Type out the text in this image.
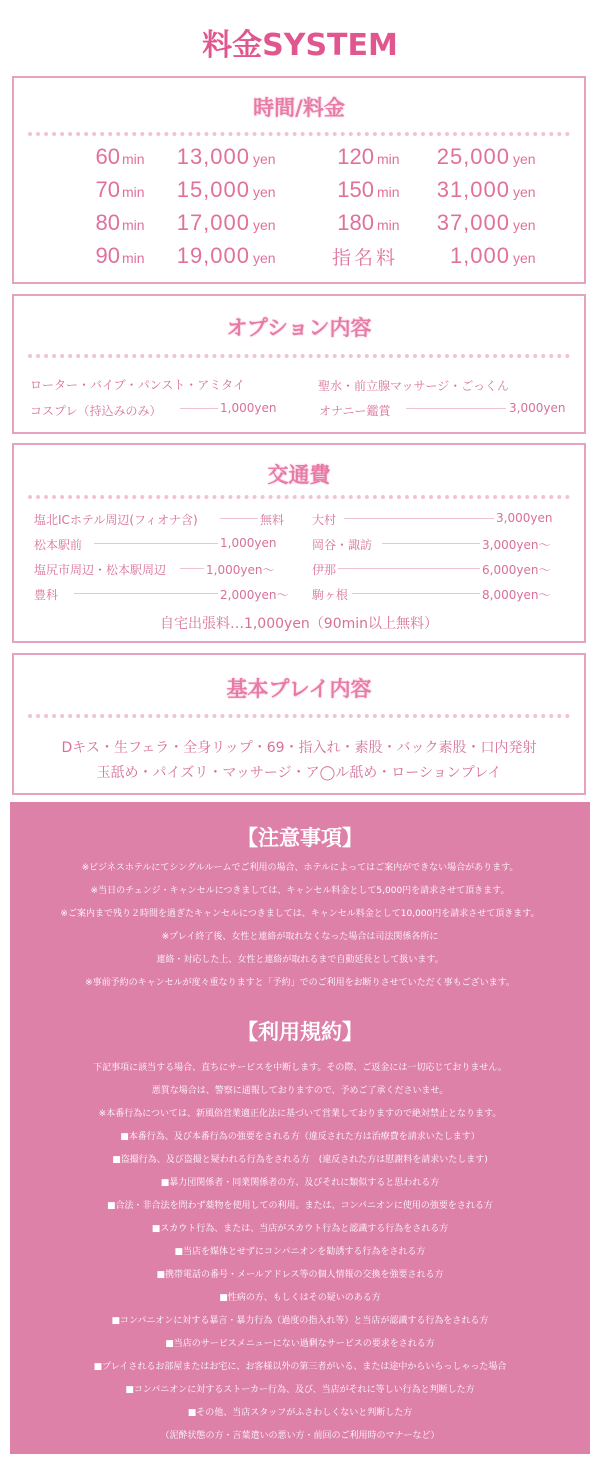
料金SYSTEM
時間/料金
60 min	13,000 yen
70 min	15,000 yen
80 min	17,000 yen
90 min	19,000 yen
120 min	25,000 yen
150 min	31,000 yen
180 min	37,000 yen
指名料	1,000 yen
オプション内容
ローター・バイブ・パンスト・アミタイ	聖水・前立腺マッサージ・ごっくん
コスプレ（持込みのみ）	1,000yen	オナニー鑑賞	3,000yen
交通費
塩北ICホテル周辺(フィオナ含)	無料
松本駅前	1,000yen
塩尻市周辺・松本駅周辺	1,000yen〜
豊科	2,000yen〜
大村	3,000yen
岡谷・諏訪	3,000yen〜
伊那	6,000yen〜
駒ヶ根	8,000yen〜
自宅出張料…1,000yen（90min以上無料）
基本プレイ内容
Dキス・生フェラ・全身リップ・69・指入れ・素股・バック素股・口内発射
玉舐め・パイズリ・マッサージ・ア◯ル舐め・ローションプレイ
【注意事項】
※ビジネスホテルにてシングルルームでご利用の場合、ホテルによってはご案内ができない場合があります。
※当日のチェンジ・キャンセルにつきましては、キャンセル料金として5,000円を請求させて頂きます。
※ご案内まで残り２時間を過ぎたキャンセルにつきましては、キャンセル料金として10,000円を請求させて頂きます。
※プレイ終了後、女性と連絡が取れなくなった場合は司法関係各所に
連絡・対応した上、女性と連絡が取れるまで自動延長として扱います。
※事前予約のキャンセルが度々重なりますと「予約」でのご利用をお断りさせていただく事もございます。
【利用規約】
下記事項に該当する場合、直ちにサービスを中断します。その際、ご返金には一切応じておりません。
悪質な場合は、警察に通報しておりますので、予めご了承くださいませ。
※本番行為については、新風俗営業適正化法に基づいて営業しておりますので絶対禁止となります。
■本番行為、及び本番行為の強要をされる方（違反された方は治療費を請求いたします）
■盗撮行為、及び盗撮と疑われる行為をされる方　(違反された方は慰謝料を請求いたします)
■暴力団関係者・同業関係者の方、及びそれに類似すると思われる方
■合法・非合法を問わず薬物を使用しての利用。または、コンパニオンに使用の強要をされる方
■スカウト行為、または、当店がスカウト行為と認識する行為をされる方
■当店を媒体とせずにコンパニオンを勧誘する行為をされる方
■携帯電話の番号・メールアドレス等の個人情報の交換を強要される方
■性病の方、もしくはその疑いのある方
■コンパニオンに対する暴言・暴力行為（過度の指入れ等）と当店が認識する行為をされる方
■当店のサービスメニューにない過剰なサービスの要求をされる方
■プレイされるお部屋またはお宅に、お客様以外の第三者がいる、または途中からいらっしゃった場合
■コンパニオンに対するストーカー行為、及び、当店がそれに等しい行為と判断した方
■その他、当店スタッフがふさわしくないと判断した方
（泥酔状態の方・言葉遣いの悪い方・前回のご利用時のマナーなど）
